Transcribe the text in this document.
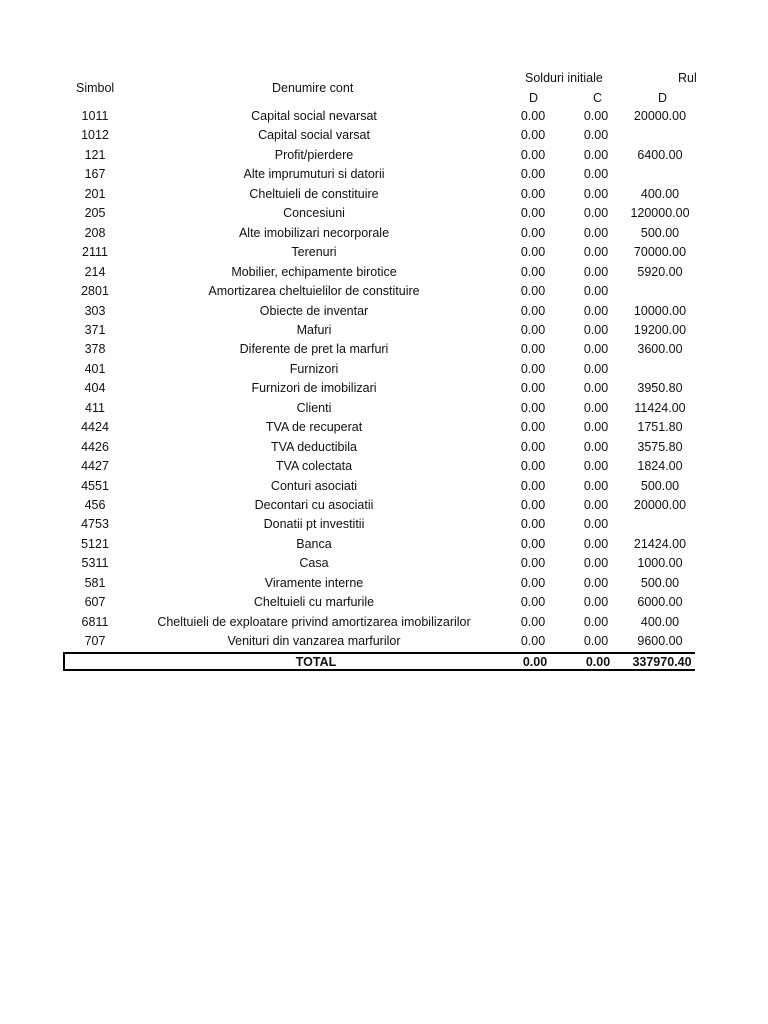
Simbol	Denumire cont
Solduri initiale	Rul
D	C	D
1011	Capital social nevarsat	0.00	0.00	20000.00
1012	Capital social varsat	0.00	0.00
121	Profit/pierdere	0.00	0.00	6400.00
167	Alte imprumuturi si datorii	0.00	0.00
201	Cheltuieli de constituire	0.00	0.00	400.00
205	Concesiuni	0.00	0.00	120000.00
208	Alte imobilizari necorporale	0.00	0.00	500.00
2111	Terenuri	0.00	0.00	70000.00
214	Mobilier, echipamente birotice	0.00	0.00	5920.00
2801	Amortizarea cheltuielilor de constituire	0.00	0.00
303	Obiecte de inventar	0.00	0.00	10000.00
371	Mafuri	0.00	0.00	19200.00
378	Diferente de pret la marfuri	0.00	0.00	3600.00
401	Furnizori	0.00	0.00
404	Furnizori de imobilizari	0.00	0.00	3950.80
411	Clienti	0.00	0.00	11424.00
4424	TVA de recuperat	0.00	0.00	1751.80
4426	TVA deductibila	0.00	0.00	3575.80
4427	TVA colectata	0.00	0.00	1824.00
4551	Conturi asociati	0.00	0.00	500.00
456	Decontari cu asociatii	0.00	0.00	20000.00
4753	Donatii pt investitii	0.00	0.00
5121	Banca	0.00	0.00	21424.00
5311	Casa	0.00	0.00	1000.00
581	Viramente interne	0.00	0.00	500.00
607	Cheltuieli cu marfurile	0.00	0.00	6000.00
6811	Cheltuieli de exploatare privind amortizarea imobilizarilor	0.00	0.00	400.00
707	Venituri din vanzarea marfurilor	0.00	0.00	9600.00
TOTAL	0.00	0.00	337970.40
